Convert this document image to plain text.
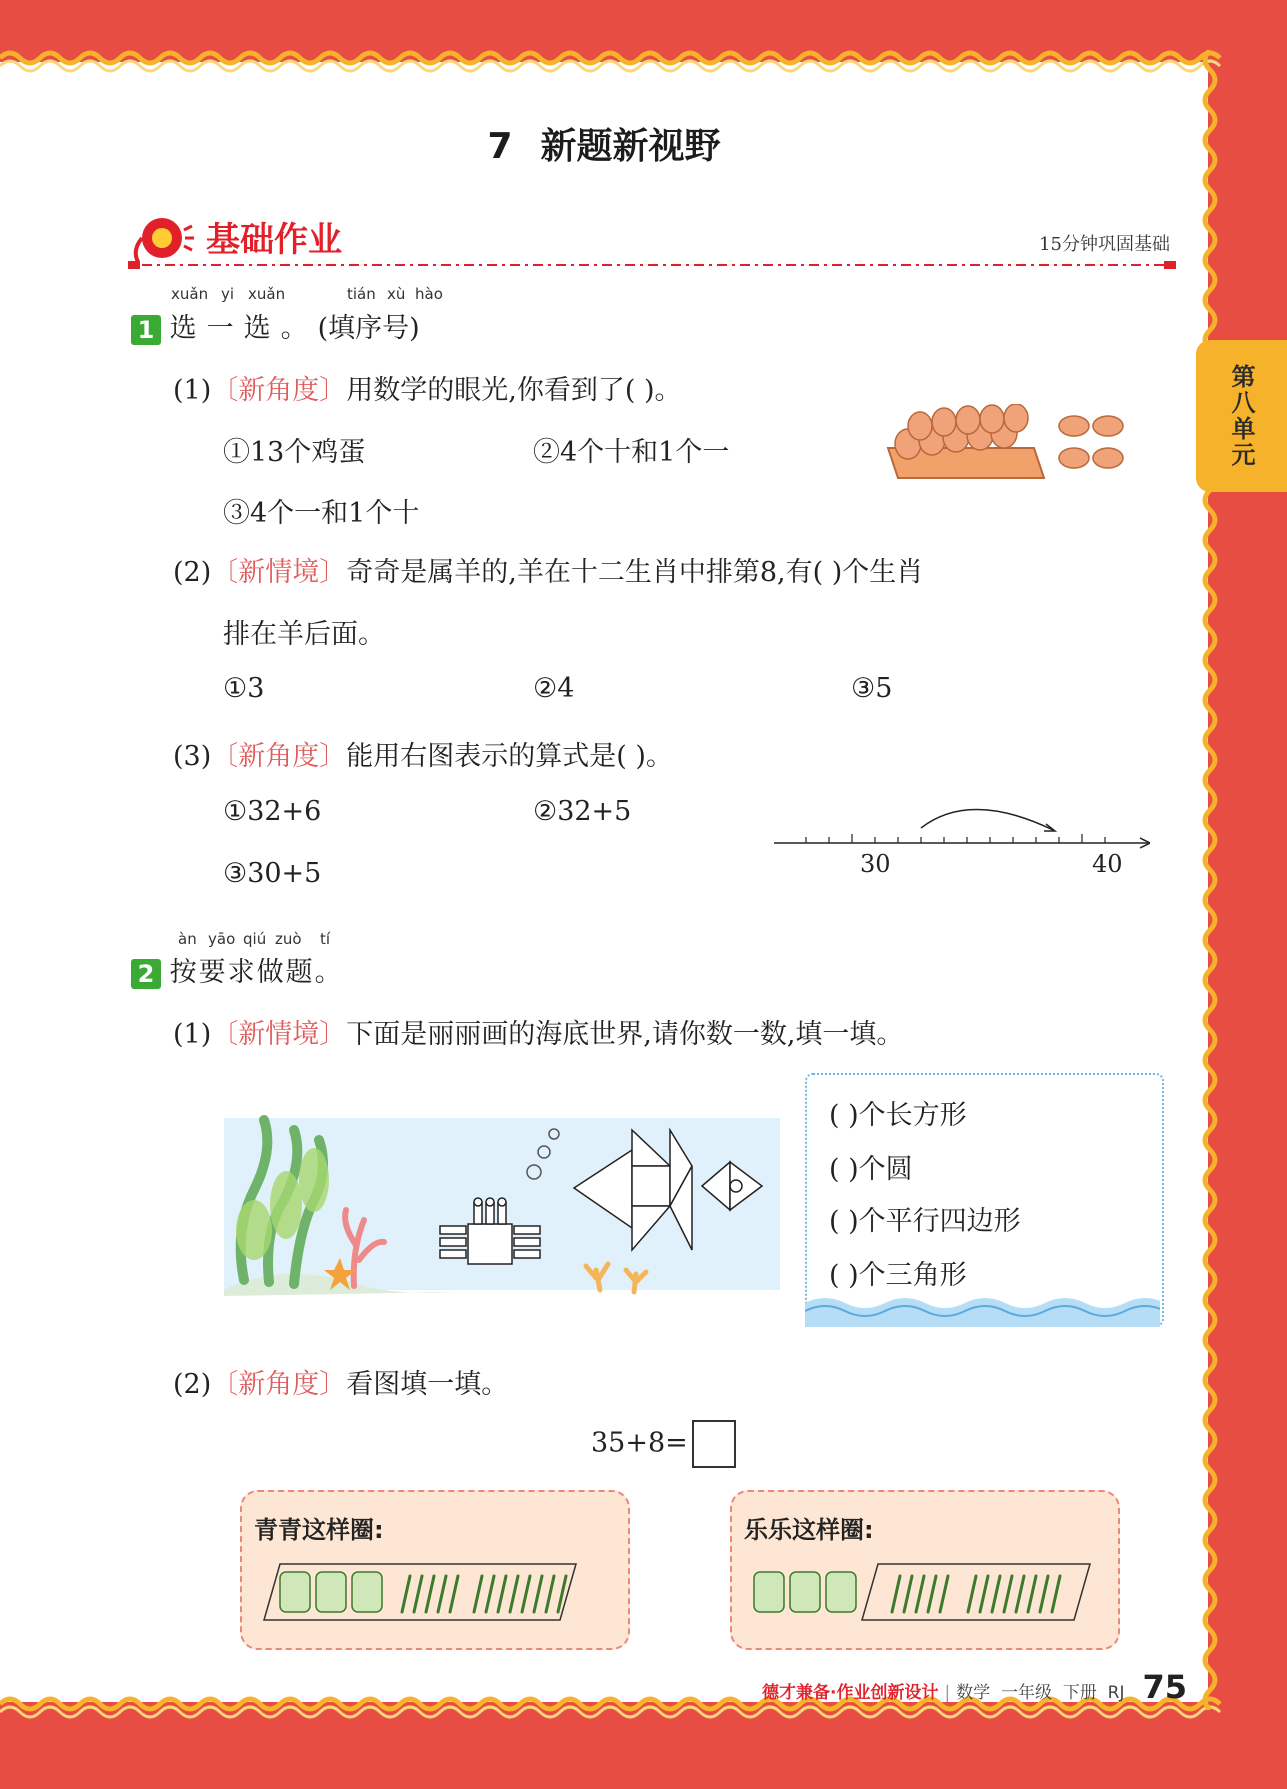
第八单元
7 新题新视野
基础作业	15分钟巩固基础
xuǎn yi xuǎn	tián xù hào
1 选一选。(填序号)
(1)〔新角度〕用数学的眼光,你看到了( )。
①13个鸡蛋	②4个十和1个一
③4个一和1个十
(2)〔新情境〕奇奇是属羊的,羊在十二生肖中排第8,有( )个生肖
排在羊后面。
①3	②4	③5
(3)〔新角度〕能用右图表示的算式是( )。
①32+6	②32+5
③30+5	30	40
àn yāo qiú zuò tí
2 按要求做题。
(1)〔新情境〕下面是丽丽画的海底世界,请你数一数,填一填。
( )个长方形
( )个圆
( )个平行四边形
( )个三角形
(2)〔新角度〕看图填一填。
35+8=
青青这样圈:	乐乐这样圈:
德才兼备·作业创新设计 | 数学
一年级
下册
RJ 75
